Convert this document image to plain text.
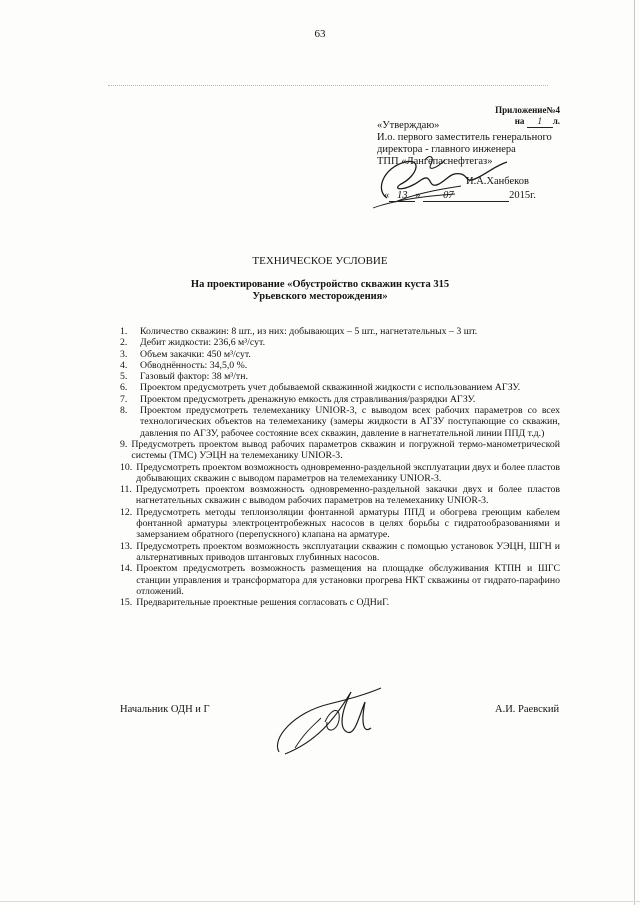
63
Приложение№4
на 1 л.
«Утверждаю»
И.о. первого заместитель генерального
директора - главного инженера
ТПП «Лангепаснефтегаз»
И.А.Ханбеков
« 13 » 07	2015г.
ТЕХНИЧЕСКОЕ УСЛОВИЕ
На проектирование «Обустройство скважин куста 315
Урьевского месторождения»
1.	Количество скважин: 8 шт., из них: добывающих – 5 шт., нагнетательных – 3 шт.
2.	Дебит жидкости: 236,6 м³/сут.
3.	Объем закачки: 450 м³/сут.
4.	Обводнённость: 34,5,0 %.
5.	Газовый фактор: 38 м³/тн.
6.	Проектом предусмотреть учет добываемой скважинной жидкости с использованием АГЗУ.
7.	Проектом предусмотреть дренажную емкость для стравливания/разрядки АГЗУ.
8.	Проектом предусмотреть телемеханику UNIOR-3, с выводом всех рабочих параметров со всех технологических объектов на телемеханику (замеры жидкости в АГЗУ поступающие со скважин, давления по АГЗУ, рабочее состояние всех скважин, давление в нагнетательной линии ППД т.д.)
9. Предусмотреть проектом вывод рабочих параметров скважин и погружной термо-манометрической системы (ТМС) УЭЦН на телемеханику UNIOR-3.
10. Предусмотреть проектом возможность одновременно-раздельной эксплуатации двух и более пластов добывающих скважин с выводом параметров на телемеханику UNIOR-3.
11. Предусмотреть проектом возможность одновременно-раздельной закачки двух и более пластов нагнетательных скважин с выводом рабочих параметров на телемеханику UNIOR-3.
12. Предусмотреть методы теплоизоляции фонтанной арматуры ППД и обогрева греющим кабелем фонтанной арматуры электроцентробежных насосов в целях борьбы с гидратообразованиями и замерзанием обратного (перепускного) клапана на арматуре.
13. Предусмотреть проектом возможность эксплуатации скважин с помощью установок УЭЦН, ШГН и альтернативных приводов штанговых глубинных насосов.
14. Проектом предусмотреть возможность размещения на площадке обслуживания КТПН и ШГС станции управления и трансформатора для установки прогрева НКТ скважины от гидрато-парафино отложений.
15. Предварительные проектные решения согласовать с ОДНиГ.
Начальник ОДН и Г	А.И. Раевский
